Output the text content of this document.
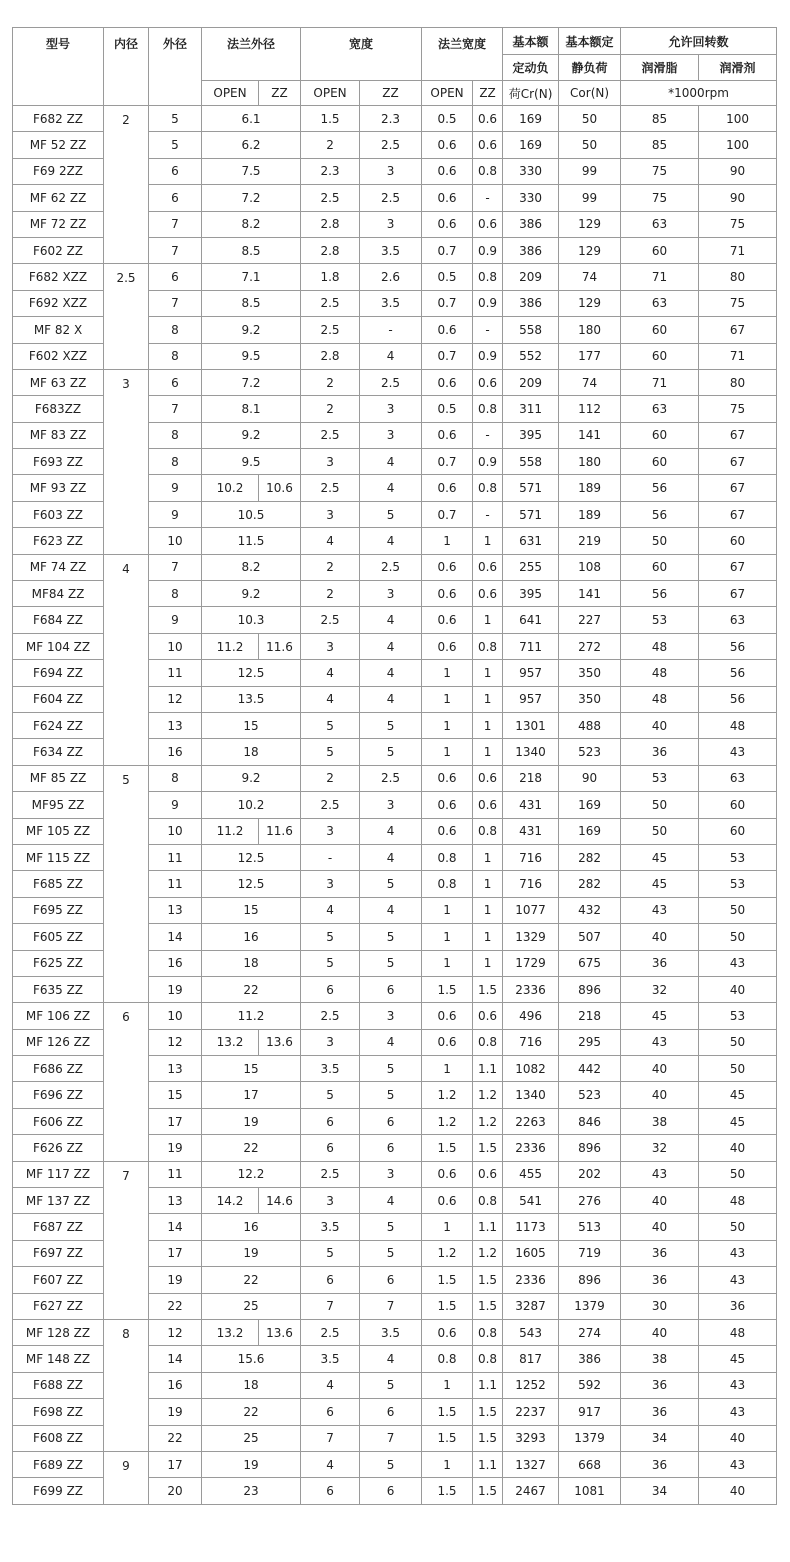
型号	内径	外径	法兰外径		宽度		法兰宽度		基本额	基本额定	允许回转数	
									定动负	静负荷	润滑脂	润滑剂
			OPEN	ZZ	OPEN	ZZ	OPEN	ZZ	荷Cr(N)	Cor(N)	*1000rpm	
F682 ZZ	2	5	6.1		1.5	2.3	0.5	0.6	169	50	85	100
MF 52 ZZ		5	6.2		2	2.5	0.6	0.6	169	50	85	100
F69 2ZZ		6	7.5		2.3	3	0.6	0.8	330	99	75	90
MF 62 ZZ		6	7.2		2.5	2.5	0.6	-	330	99	75	90
MF 72 ZZ		7	8.2		2.8	3	0.6	0.6	386	129	63	75
F602 ZZ		7	8.5		2.8	3.5	0.7	0.9	386	129	60	71
F682 XZZ	2.5	6	7.1		1.8	2.6	0.5	0.8	209	74	71	80
F692 XZZ		7	8.5		2.5	3.5	0.7	0.9	386	129	63	75
MF 82 X		8	9.2		2.5	-	0.6	-	558	180	60	67
F602 XZZ		8	9.5		2.8	4	0.7	0.9	552	177	60	71
MF 63 ZZ	3	6	7.2		2	2.5	0.6	0.6	209	74	71	80
F683ZZ		7	8.1		2	3	0.5	0.8	311	112	63	75
MF 83 ZZ		8	9.2		2.5	3	0.6	-	395	141	60	67
F693 ZZ		8	9.5		3	4	0.7	0.9	558	180	60	67
MF 93 ZZ		9	10.2	10.6	2.5	4	0.6	0.8	571	189	56	67
F603 ZZ		9	10.5		3	5	0.7	-	571	189	56	67
F623 ZZ		10	11.5		4	4	1	1	631	219	50	60
MF 74 ZZ	4	7	8.2		2	2.5	0.6	0.6	255	108	60	67
MF84 ZZ		8	9.2		2	3	0.6	0.6	395	141	56	67
F684 ZZ		9	10.3		2.5	4	0.6	1	641	227	53	63
MF 104 ZZ		10	11.2	11.6	3	4	0.6	0.8	711	272	48	56
F694 ZZ		11	12.5		4	4	1	1	957	350	48	56
F604 ZZ		12	13.5		4	4	1	1	957	350	48	56
F624 ZZ		13	15		5	5	1	1	1301	488	40	48
F634 ZZ		16	18		5	5	1	1	1340	523	36	43
MF 85 ZZ	5	8	9.2		2	2.5	0.6	0.6	218	90	53	63
MF95 ZZ		9	10.2		2.5	3	0.6	0.6	431	169	50	60
MF 105 ZZ		10	11.2	11.6	3	4	0.6	0.8	431	169	50	60
MF 115 ZZ		11	12.5		-	4	0.8	1	716	282	45	53
F685 ZZ		11	12.5		3	5	0.8	1	716	282	45	53
F695 ZZ		13	15		4	4	1	1	1077	432	43	50
F605 ZZ		14	16		5	5	1	1	1329	507	40	50
F625 ZZ		16	18		5	5	1	1	1729	675	36	43
F635 ZZ		19	22		6	6	1.5	1.5	2336	896	32	40
MF 106 ZZ	6	10	11.2		2.5	3	0.6	0.6	496	218	45	53
MF 126 ZZ		12	13.2	13.6	3	4	0.6	0.8	716	295	43	50
F686 ZZ		13	15		3.5	5	1	1.1	1082	442	40	50
F696 ZZ		15	17		5	5	1.2	1.2	1340	523	40	45
F606 ZZ		17	19		6	6	1.2	1.2	2263	846	38	45
F626 ZZ		19	22		6	6	1.5	1.5	2336	896	32	40
MF 117 ZZ	7	11	12.2		2.5	3	0.6	0.6	455	202	43	50
MF 137 ZZ		13	14.2	14.6	3	4	0.6	0.8	541	276	40	48
F687 ZZ		14	16		3.5	5	1	1.1	1173	513	40	50
F697 ZZ		17	19		5	5	1.2	1.2	1605	719	36	43
F607 ZZ		19	22		6	6	1.5	1.5	2336	896	36	43
F627 ZZ		22	25		7	7	1.5	1.5	3287	1379	30	36
MF 128 ZZ	8	12	13.2	13.6	2.5	3.5	0.6	0.8	543	274	40	48
MF 148 ZZ		14	15.6		3.5	4	0.8	0.8	817	386	38	45
F688 ZZ		16	18		4	5	1	1.1	1252	592	36	43
F698 ZZ		19	22		6	6	1.5	1.5	2237	917	36	43
F608 ZZ		22	25		7	7	1.5	1.5	3293	1379	34	40
F689 ZZ	9	17	19		4	5	1	1.1	1327	668	36	43
F699 ZZ		20	23		6	6	1.5	1.5	2467	1081	34	40
